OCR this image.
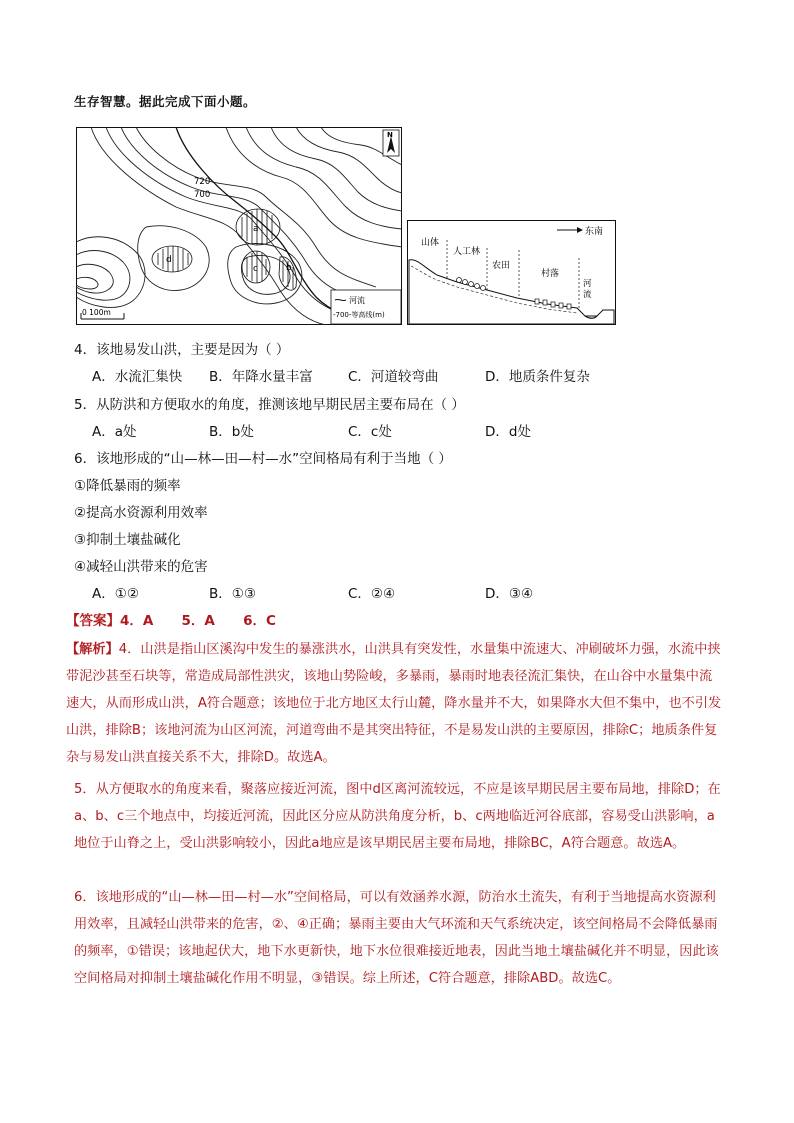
生存智慧。据此完成下面小题。
720
700
a
d
c	b
N
0 100m
河流
-700-等高线(m)
东南
山体
人工林
农田
村落
河
流
4．该地易发山洪，主要是因为（ ）
A．水流汇集快 B．年降水量丰富	C．河道较弯曲	D．地质条件复杂
5．从防洪和方便取水的角度，推测该地早期民居主要布局在（ ）
A．a处	B．b处	C．c处	D．d处
6．该地形成的“山—林—田—村—水”空间格局有利于当地（ ）
①降低暴雨的频率
②提高水资源利用效率
③抑制土壤盐碱化
④减轻山洪带来的危害
A．①②	B．①③	C．②④	D．③④
【答案】4．A      5．A      6．C
【解析】4．山洪是指山区溪沟中发生的暴涨洪水，山洪具有突发性，水量集中流速大、冲刷破坏力强，水流中挟带泥沙甚至石块等，常造成局部性洪灾，该地山势险峻，多暴雨，暴雨时地表径流汇集快，在山谷中水量集中流速大，从而形成山洪，A符合题意；该地位于北方地区太行山麓，降水量并不大，如果降水大但不集中，也不引发山洪，排除B；该地河流为山区河流，河道弯曲不是其突出特征，不是易发山洪的主要原因，排除C；地质条件复杂与易发山洪直接关系不大，排除D。故选A。
5．从方便取水的角度来看，聚落应接近河流，图中d区离河流较远，不应是该早期民居主要布局地，排除D；在a、b、c三个地点中，均接近河流，因此区分应从防洪角度分析，b、c两地临近河谷底部，容易受山洪影响，a地位于山脊之上，受山洪影响较小，因此a地应是该早期民居主要布局地，排除BC，A符合题意。故选A。
6．该地形成的“山—林—田—村—水”空间格局，可以有效涵养水源，防治水土流失，有利于当地提高水资源利用效率，且减轻山洪带来的危害，②、④正确；暴雨主要由大气环流和天气系统决定，该空间格局不会降低暴雨的频率，①错误；该地起伏大，地下水更新快，地下水位很难接近地表，因此当地土壤盐碱化并不明显，因此该空间格局对抑制土壤盐碱化作用不明显，③错误。综上所述，C符合题意，排除ABD。故选C。
